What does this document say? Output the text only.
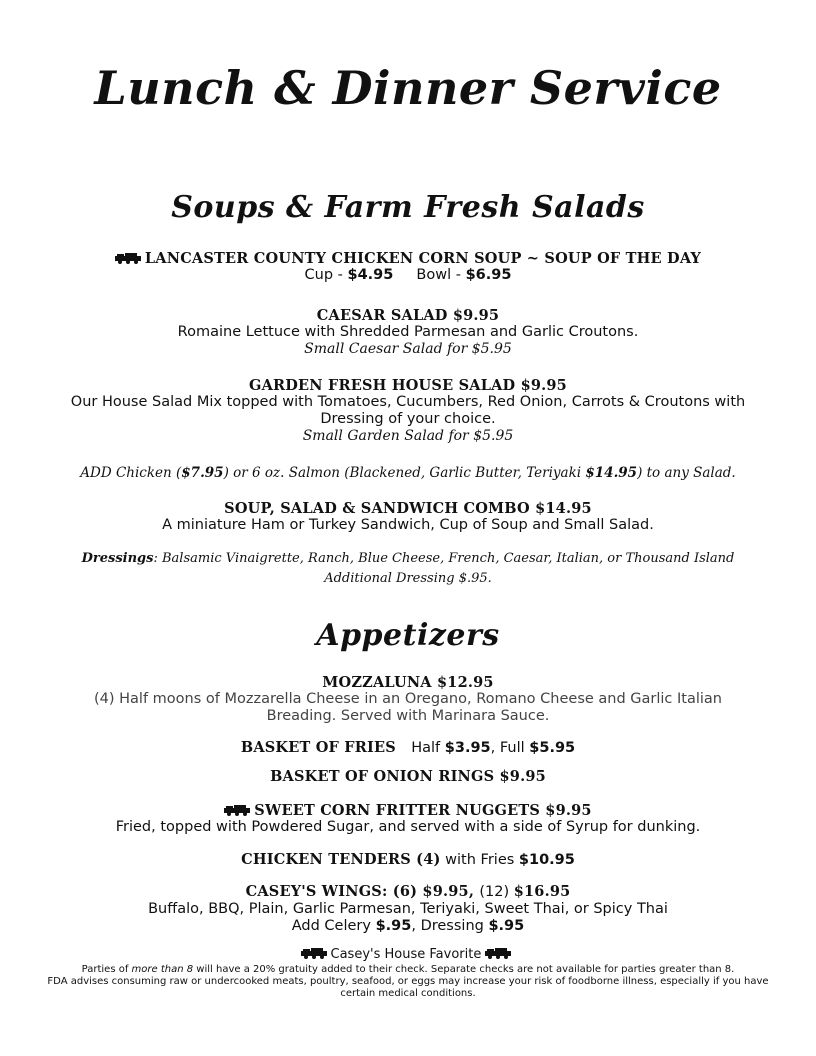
Lunch & Dinner Service
Soups & Farm Fresh Salads
LANCASTER COUNTY CHICKEN CORN SOUP ~ SOUP OF THE DAY
Cup - $4.95 Bowl - $6.95
CAESAR SALAD $9.95
Romaine Lettuce with Shredded Parmesan and Garlic Croutons.
Small Caesar Salad for $5.95
GARDEN FRESH HOUSE SALAD $9.95
Our House Salad Mix topped with Tomatoes, Cucumbers, Red Onion, Carrots & Croutons with
Dressing of your choice.
Small Garden Salad for $5.95
ADD Chicken ($7.95) or 6 oz. Salmon (Blackened, Garlic Butter, Teriyaki $14.95) to any Salad.
SOUP, SALAD & SANDWICH COMBO $14.95
A miniature Ham or Turkey Sandwich, Cup of Soup and Small Salad.
Dressings: Balsamic Vinaigrette, Ranch, Blue Cheese, French, Caesar, Italian, or Thousand Island
Additional Dressing $.95.
Appetizers
MOZZALUNA $12.95
(4) Half moons of Mozzarella Cheese in an Oregano, Romano Cheese and Garlic Italian
Breading. Served with Marinara Sauce.
BASKET OF FRIES Half $3.95, Full $5.95
BASKET OF ONION RINGS $9.95
SWEET CORN FRITTER NUGGETS $9.95
Fried, topped with Powdered Sugar, and served with a side of Syrup for dunking.
CHICKEN TENDERS (4) with Fries $10.95
CASEY'S WINGS: (6) $9.95, (12) $16.95
Buffalo, BBQ, Plain, Garlic Parmesan, Teriyaki, Sweet Thai, or Spicy Thai
Add Celery $.95, Dressing $.95
Casey's House Favorite
Parties of more than 8 will have a 20% gratuity added to their check. Separate checks are not available for parties greater than 8.
FDA advises consuming raw or undercooked meats, poultry, seafood, or eggs may increase your risk of foodborne illness, especially if you have certain medical conditions.
